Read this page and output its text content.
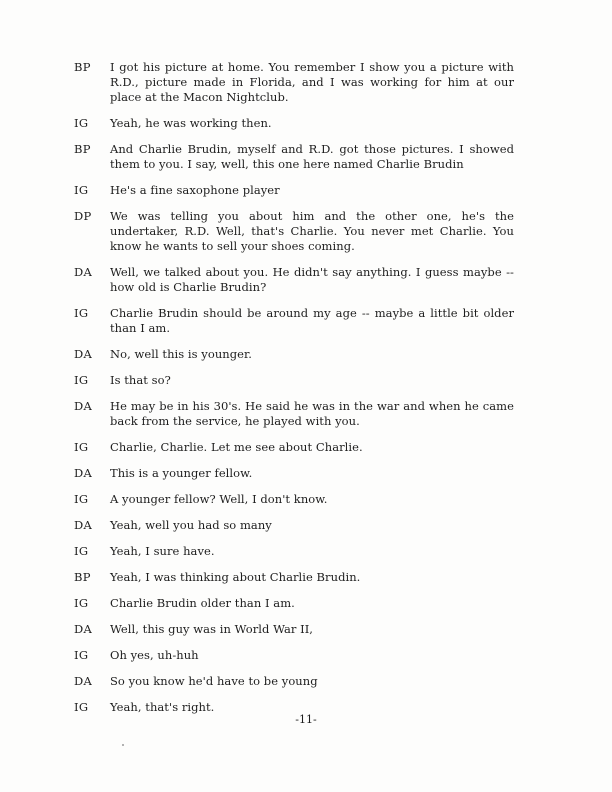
BP	I got his picture at home. You remember I show you a picture with R.D., picture made in Florida, and I was working for him at our place at the Macon Nightclub.
IG	Yeah, he was working then.
BP	And Charlie Brudin, myself and R.D. got those pictures. I showed them to you. I say, well, this one here named Charlie Brudin
IG	He's a fine saxophone player
DP	We was telling you about him and the other one, he's the undertaker, R.D. Well, that's Charlie. You never met Charlie. You know he wants to sell your shoes coming.
DA	Well, we talked about you. He didn't say anything. I guess maybe -- how old is Charlie Brudin?
IG	Charlie Brudin should be around my age -- maybe a little bit older than I am.
DA	No, well this is younger.
IG	Is that so?
DA	He may be in his 30's. He said he was in the war and when he came back from the service, he played with you.
IG	Charlie, Charlie. Let me see about Charlie.
DA	This is a younger fellow.
IG	A younger fellow? Well, I don't know.
DA	Yeah, well you had so many
IG	Yeah, I sure have.
BP	Yeah, I was thinking about Charlie Brudin.
IG	Charlie Brudin older than I am.
DA	Well, this guy was in World War II,
IG	Oh yes, uh-huh
DA	So you know he'd have to be young
IG	Yeah, that's right.
-11-
